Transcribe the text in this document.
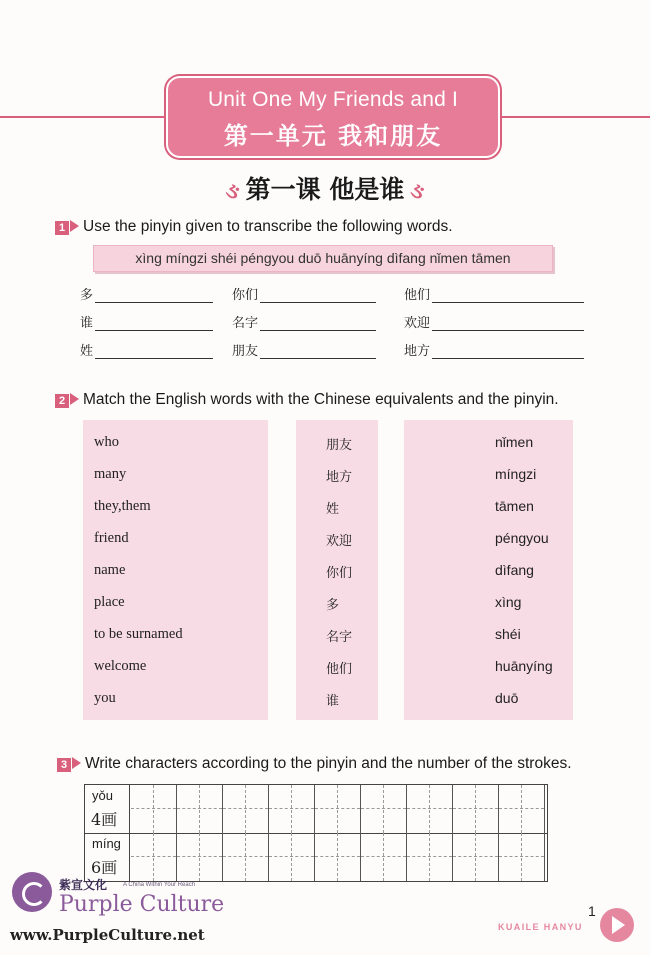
Unit One My Friends and I
第一单元 我和朋友
ઙ 第一课 他是谁 ઙ
1 Use the pinyin given to transcribe the following words.
xìng míngzi shéi péngyou duō huānyíng dìfang nǐmen tāmen
多	你们	他们
谁	名字	欢迎
姓	朋友	地方
2 Match the English words with the Chinese equivalents and the pinyin.
who
many
they,them
friend
name
place
to be surnamed
welcome
you
朋友
地方
姓
欢迎
你们
多
名字
他们
谁
nǐmen
míngzi
tāmen
péngyou
dìfang
xìng
shéi
huānyíng
duō
3 Write characters according to the pinyin and the number of the strokes.
yǒu
4画
míng
6画
紫宣文化	A China Within Your Reach
Purple Culture
www.PurpleCulture.net
1
KUAILE HANYU
